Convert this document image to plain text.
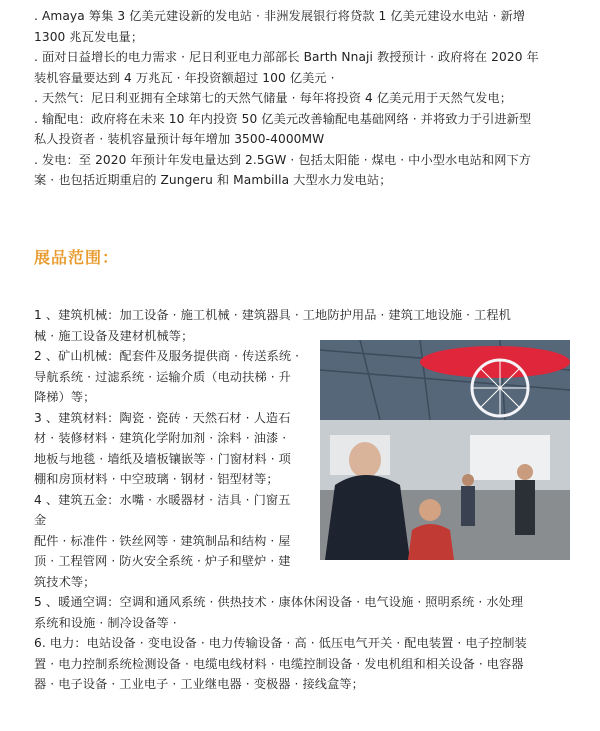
. Amaya 筹集 3 亿美元建设新的发电站 · 非洲发展银行将贷款 1 亿美元建设水电站 · 新增

1300 兆瓦发电量；

. 面对日益增长的电力需求 · 尼日利亚电力部部长 Barth Nnaji 教授预计 · 政府将在 2020 年

装机容量要达到 4 万兆瓦 · 年投资额超过 100 亿美元 ·

. 天然气：尼日利亚拥有全球第七的天然气储量 · 每年将投资 4 亿美元用于天然气发电；

. 输配电：政府将在未来 10 年内投资 50 亿美元改善输配电基础网络 · 并将致力于引进新型

私人投资者 · 装机容量预计每年增加 3500-4000MW

. 发电：至 2020 年预计年发电量达到 2.5GW · 包括太阳能 · 煤电 · 中小型水电站和网下方

案 · 也包括近期重启的 Zungeru 和 Mambilla 大型水力发电站；

展品范围：

1 、建筑机械：加工设备 · 施工机械 · 建筑器具 · 工地防护用品 · 建筑工地设施 · 工程机

械 · 施工设备及建材机械等；

2 、矿山机械：配套件及服务提供商 · 传送系统 ·

导航系统 · 过滤系统 · 运输介质（电动扶梯 · 升

降梯）等；

3 、建筑材料：陶瓷 · 瓷砖 · 天然石材 · 人造石

材 · 装修材料 · 建筑化学附加剂 · 涂料 · 油漆 ·

地板与地毯 · 墙纸及墙板镶嵌等 · 门窗材料 · 项

棚和房顶材料 · 中空玻璃 · 钢材 · 铝型材等；

4 、建筑五金：水嘴 · 水暖器材 · 洁具 · 门窗五金

配件 · 标准件 · 铁丝网等 · 建筑制品和结构 · 屋

顶 · 工程管网 · 防火安全系统 · 炉子和壁炉 · 建

筑技术等；

5 、暖通空调：空调和通风系统 · 供热技术 · 康体休闲设备 · 电气设施 · 照明系统 · 水处理

系统和设施 · 制冷设备等 ·

6. 电力：电站设备 · 变电设备 · 电力传输设备 · 高 · 低压电气开关 · 配电装置 · 电子控制装

置 · 电力控制系统检测设备 · 电缆电线材料 · 电缆控制设备 · 发电机组和相关设备 · 电容器

器 · 电子设备 · 工业电子 · 工业继电器 · 变极器 · 接线盒等；
